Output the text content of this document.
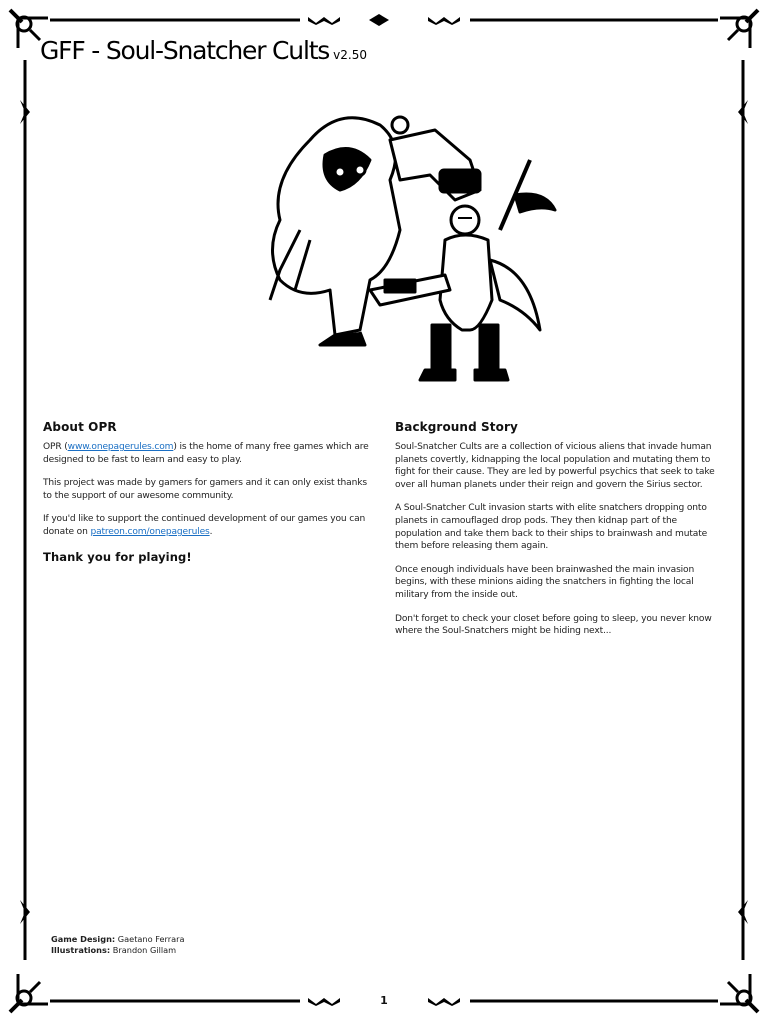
GFF - Soul-Snatcher Cults v2.50
About OPR

OPR (www.onepagerules.com) is the home of many free games which are designed to be fast to learn and easy to play.

This project was made by gamers for gamers and it can only exist thanks to the support of our awesome community.

If you'd like to support the continued development of our games you can donate on patreon.com/onepagerules.

Thank you for playing!
Background Story

Soul-Snatcher Cults are a collection of vicious aliens that invade human planets covertly, kidnapping the local population and mutating them to fight for their cause. They are led by powerful psychics that seek to take over all human planets under their reign and govern the Sirius sector.

A Soul-Snatcher Cult invasion starts with elite snatchers dropping onto planets in camouflaged drop pods. They then kidnap part of the population and take them back to their ships to brainwash and mutate them before releasing them again.

Once enough individuals have been brainwashed the main invasion begins, with these minions aiding the snatchers in fighting the local military from the inside out.

Don't forget to check your closet before going to sleep, you never know where the Soul-Snatchers might be hiding next...

Game Design: Gaetano Ferrara
Illustrations: Brandon Gillam
1
